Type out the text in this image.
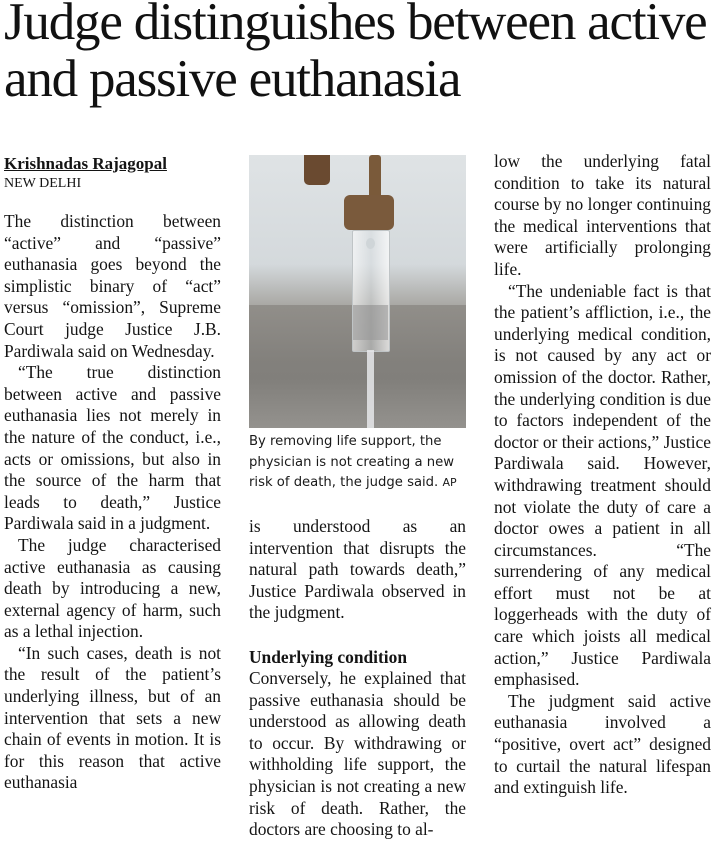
Judge distinguishes between active and passive euthanasia
Krishnadas Rajagopal
NEW DELHI

The distinction between “active” and “passive” euthanasia goes beyond the simplistic binary of “act” versus “omission”, Supreme Court judge Justice J.B. Pardiwala said on Wednesday.

“The true distinction between active and passive euthanasia lies not merely in the nature of the conduct, i.e., acts or omissions, but also in the source of the harm that leads to death,” Justice Pardiwala said in a judgment.

The judge characterised active euthanasia as causing death by introducing a new, external agency of harm, such as a lethal injection.

“In such cases, death is not the result of the patient’s underlying illness, but of an intervention that sets a new chain of events in motion. It is for this reason that active euthanasia

By removing life support, the physician is not creating a new risk of death, the judge said. AP

is understood as an intervention that disrupts the natural path towards death,” Justice Pardiwala observed in the judgment.

Underlying condition

Conversely, he explained that passive euthanasia should be understood as allowing death to occur. By withdrawing or withholding life support, the physician is not creating a new risk of death. Rather, the doctors are choosing to al-

low the underlying fatal condition to take its natural course by no longer continuing the medical interventions that were artificially prolonging life.

“The undeniable fact is that the patient’s affliction, i.e., the underlying medical condition, is not caused by any act or omission of the doctor. Rather, the underlying condition is due to factors independent of the doctor or their actions,” Justice Pardiwala said. However, withdrawing treatment should not violate the duty of care a doctor owes a patient in all circumstances. “The surrendering of any medical effort must not be at loggerheads with the duty of care which joists all medical action,” Justice Pardiwala emphasised.

The judgment said active euthanasia involved a “positive, overt act” designed to curtail the natural lifespan and extinguish life.
